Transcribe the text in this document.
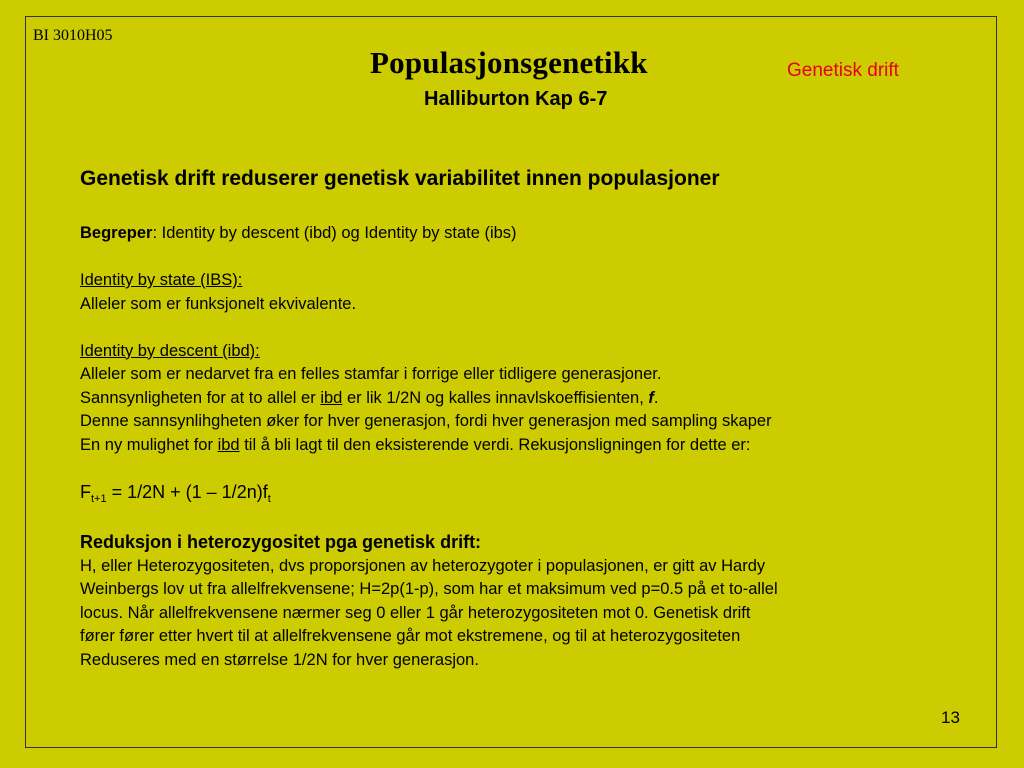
BI 3010H05
Populasjonsgenetikk
Halliburton Kap 6-7
Genetisk drift
Genetisk drift reduserer genetisk variabilitet innen populasjoner
Begreper: Identity by descent (ibd) og Identity by state (ibs)
Identity by state (IBS):
Alleler som er funksjonelt ekvivalente.
Identity by descent (ibd):
Alleler som er nedarvet fra en felles stamfar i forrige eller tidligere generasjoner.
Sannsynligheten for at to allel er ibd er lik 1/2N og kalles innavlskoeffisienten, f.
Denne sannsynlihgheten øker for hver generasjon, fordi hver generasjon med sampling skaper
En ny mulighet for ibd til å bli lagt til den eksisterende verdi. Rekusjonsligningen for dette er:
$F_{t+1} = 1/2N + (1 - 1/2n)f_t$
Reduksjon i heterozygositet pga genetisk drift:
H, eller Heterozygositeten, dvs proporsjonen av heterozygoter i populasjonen, er gitt av Hardy
Weinbergs lov ut fra allelfrekvensene; H=2p(1-p), som har et maksimum ved p=0.5 på et to-allel
locus. Når allelfrekvensene nærmer seg 0 eller 1 går heterozygositeten mot 0. Genetisk drift
fører fører etter hvert til at allelfrekvensene går mot ekstremene, og til at heterozygositeten
Reduseres med en størrelse 1/2N for hver generasjon.
13
